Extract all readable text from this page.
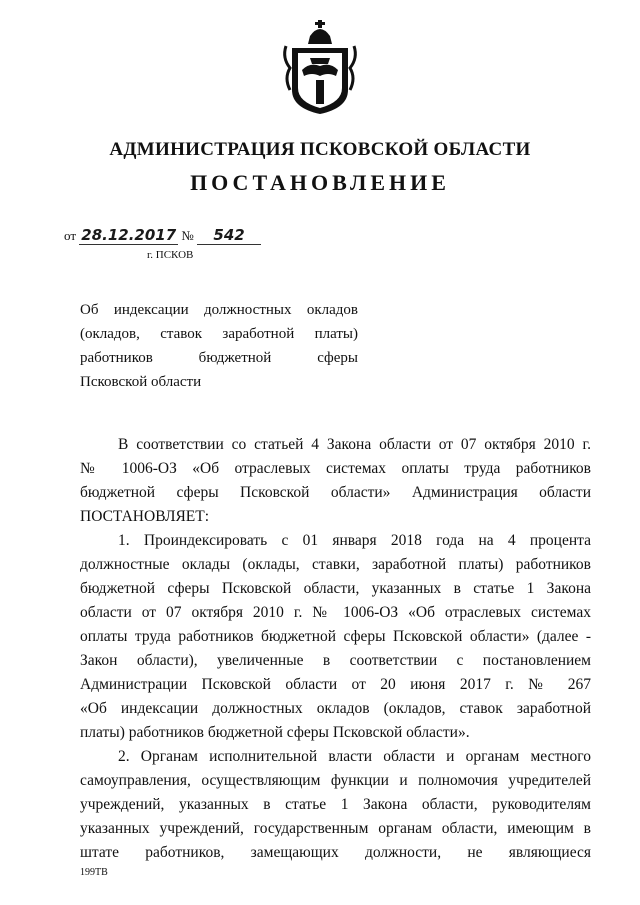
АДМИНИСТРАЦИЯ ПСКОВСКОЙ ОБЛАСТИ
ПОСТАНОВЛЕНИЕ
от 28.12.2017 № 542
г. ПСКОВ
Об индексации должностных окладов
(окладов, ставок заработной платы)
работников бюджетной сферы
Псковской области
В соответствии со статьей 4 Закона области от 07 октября 2010 г.
№ 1006-ОЗ «Об отраслевых системах оплаты труда работников
бюджетной сферы Псковской области» Администрация области
ПОСТАНОВЛЯЕТ:
1. Проиндексировать с 01 января 2018 года на 4 процента
должностные оклады (оклады, ставки, заработной платы) работников
бюджетной сферы Псковской области, указанных в статье 1 Закона
области от 07 октября 2010 г. № 1006-ОЗ «Об отраслевых системах
оплаты труда работников бюджетной сферы Псковской области» (далее -
Закон области), увеличенные в соответствии с постановлением
Администрации Псковской области от 20 июня 2017 г. № 267
«Об индексации должностных окладов (окладов, ставок заработной
платы) работников бюджетной сферы Псковской области».
2. Органам исполнительной власти области и органам местного
самоуправления, осуществляющим функции и полномочия учредителей
учреждений, указанных в статье 1 Закона области, руководителям
указанных учреждений, государственным органам области, имеющим в
штате работников, замещающих должности, не являющиеся
199ТВ
